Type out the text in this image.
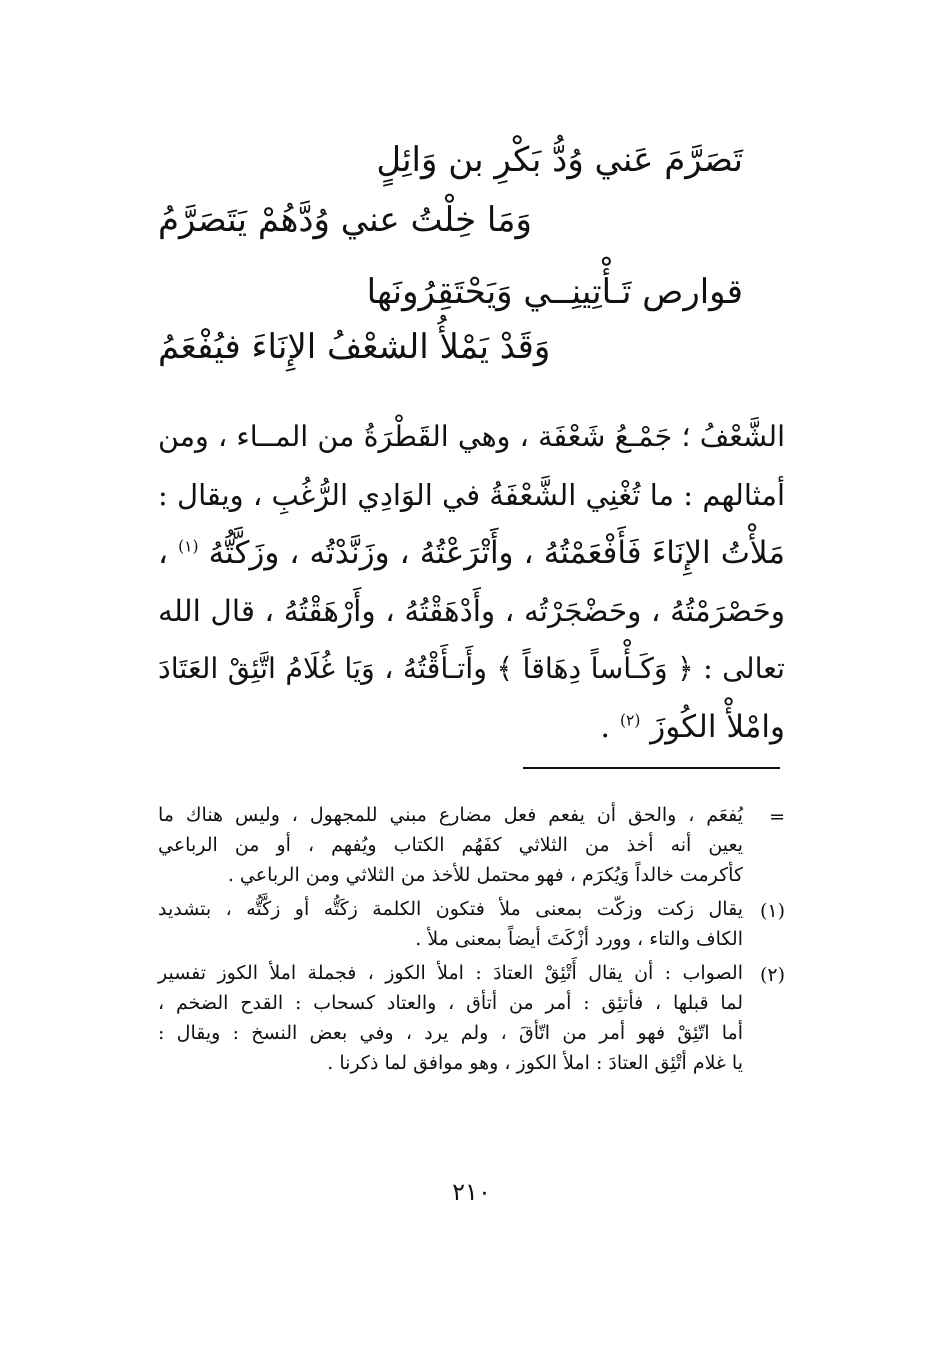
تَصَرَّمَ عَني وُدُّ بَكْرِ بن وَائِلٍ
وَمَا خِلْتُ عني وُدَّهُمْ يَتَصَرَّمُ
قوارص تَـأْتِينِــي وَيَحْتَقِرُونَها
وَقَدْ يَمْلأُ الشعْفُ الإِنَاءَ فيُفْعَمُ
الشَّعْفُ ؛ جَمْـعُ شَعْفَة ، وهي القَطْرَةُ من المــاء ، ومن
أمثالهم : ما تُغْنِي الشَّعْفَةُ في الوَادِي الرُّغُبِ ، ويقال :
مَلأْتُ الإِنَاءَ فَأَفْعَمْتُهُ ، وأَتْرَعْتُهُ ، وزَنَّدْتُه ، وزَكَّتُّهُ $^{(١)}$ ،
وحَصْرَمْتُهُ ، وحَضْجَرْتُه ، وأَدْهَقْتُهُ ، وأَرْهَقْتُهُ ، قال الله
تعالى : ﴿ وَكَـأْساً دِهَاقاً ﴾ وأَتـأَقْتُهُ ، وَيَا غُلَامُ اتَّئِقْ العَتَادَ
وامْلأْ الكُوزَ $^{(٢)}$ .
=
يُفعَم ، والحق أن يفعم فعل مضارع مبني للمجهول ، وليس هناك ما
يعين أنه أخذ من الثلاثي كفَهُم الكتاب ويُفهم ، أو من الرباعي
كأكرمت خالداً وَيُكرَم ، فهو محتمل للأخذ من الثلاثي ومن الرباعي .
(١)
يقال زكت وزكّت بمعنى ملأ فتكون الكلمة زكَتُّه أو زكَّتُّه ، بتشديد
الكاف والتاء ، وورد أزْكَتَ أيضاً بمعنى ملأ .
(٢)
الصواب : أن يقال أَتْئِقْ العتادَ : املأ الكوز ، فجملة املأ الكوز تفسير
لما قبلها ، فأتئِق : أمر من أتأق ، والعتاد كسحاب : القدح الضخم ،
أما اتّئِقْ فهو أمر من اتّأقَ ، ولم يرد ، وفي بعض النسخ : ويقال :
يا غلام أتْئِق العتادَ : املأ الكوز ، وهو موافق لما ذكرنا .
٢١٠
